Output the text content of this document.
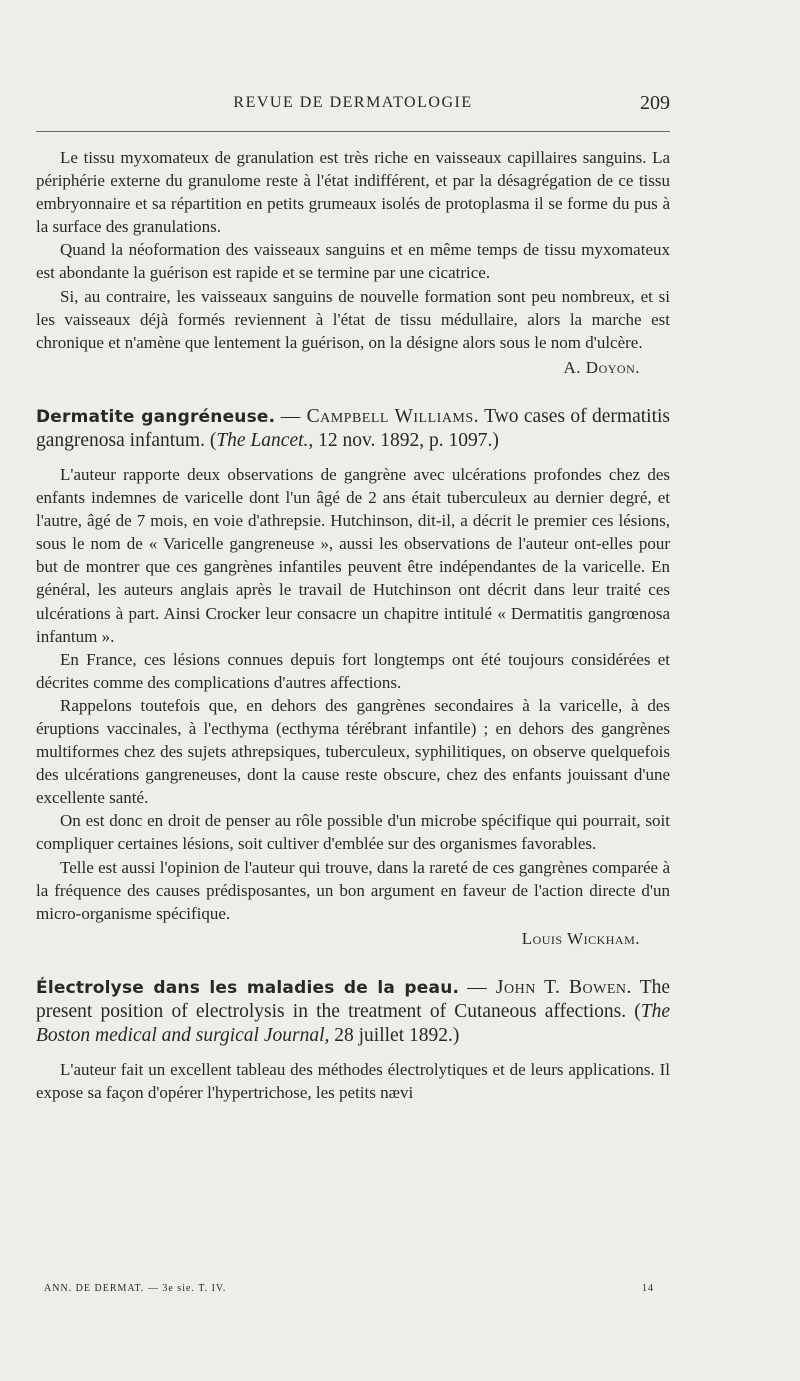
REVUE DE DERMATOLOGIE	209

Le tissu myxomateux de granulation est très riche en vaisseaux capillaires sanguins. La périphérie externe du granulome reste à l'état indifférent, et par la désagrégation de ce tissu embryonnaire et sa répartition en petits grumeaux isolés de protoplasma il se forme du pus à la surface des granulations.

Quand la néoformation des vaisseaux sanguins et en même temps de tissu myxomateux est abondante la guérison est rapide et se termine par une cicatrice.

Si, au contraire, les vaisseaux sanguins de nouvelle formation sont peu nombreux, et si les vaisseaux déjà formés reviennent à l'état de tissu médullaire, alors la marche est chronique et n'amène que lentement la guérison, on la désigne alors sous le nom d'ulcère.

A. Doyon.
Dermatite gangréneuse. — Campbell Williams. Two cases of dermatitis gangrenosa infantum. (The Lancet., 12 nov. 1892, p. 1097.)

L'auteur rapporte deux observations de gangrène avec ulcérations profondes chez des enfants indemnes de varicelle dont l'un âgé de 2 ans était tuberculeux au dernier degré, et l'autre, âgé de 7 mois, en voie d'athrepsie. Hutchinson, dit-il, a décrit le premier ces lésions, sous le nom de « Varicelle gangreneuse », aussi les observations de l'auteur ont-elles pour but de montrer que ces gangrènes infantiles peuvent être indépendantes de la varicelle. En général, les auteurs anglais après le travail de Hutchinson ont décrit dans leur traité ces ulcérations à part. Ainsi Crocker leur consacre un chapitre intitulé « Dermatitis gangrœnosa infantum ».

En France, ces lésions connues depuis fort longtemps ont été toujours considérées et décrites comme des complications d'autres affections.

Rappelons toutefois que, en dehors des gangrènes secondaires à la varicelle, à des éruptions vaccinales, à l'ecthyma (ecthyma térébrant infantile) ; en dehors des gangrènes multiformes chez des sujets athrepsiques, tuberculeux, syphilitiques, on observe quelquefois des ulcérations gangreneuses, dont la cause reste obscure, chez des enfants jouissant d'une excellente santé.

On est donc en droit de penser au rôle possible d'un microbe spécifique qui pourrait, soit compliquer certaines lésions, soit cultiver d'emblée sur des organismes favorables.

Telle est aussi l'opinion de l'auteur qui trouve, dans la rareté de ces gangrènes comparée à la fréquence des causes prédisposantes, un bon argument en faveur de l'action directe d'un micro-organisme spécifique.

Louis Wickham.
Électrolyse dans les maladies de la peau. — John T. Bowen. The present position of electrolysis in the treatment of Cutaneous affections. (The Boston medical and surgical Journal, 28 juillet 1892.)

L'auteur fait un excellent tableau des méthodes électrolytiques et de leurs applications. Il expose sa façon d'opérer l'hypertrichose, les petits nævi

ANN. DE DERMAT. — 3e sie. T. IV.	14
